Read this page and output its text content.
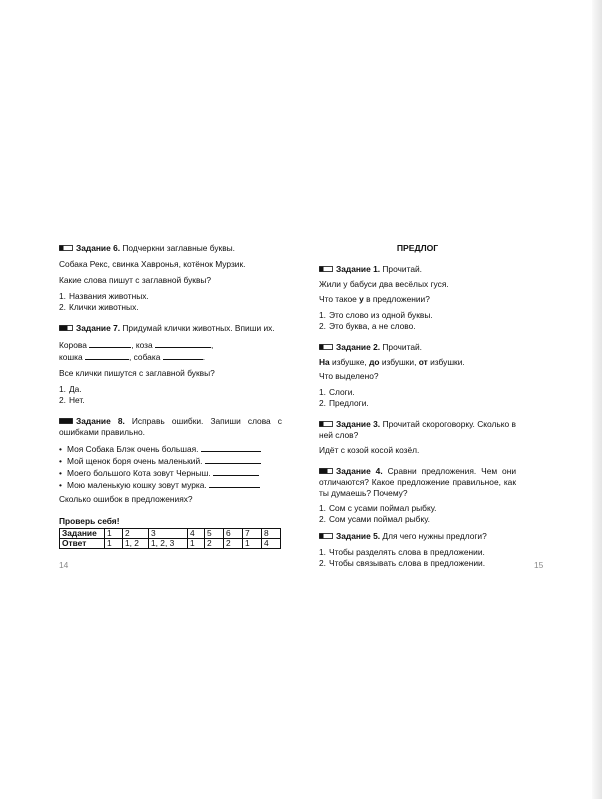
Задание 6. Подчеркни заглавные буквы.

Собака Рекс, свинка Хавронья, котёнок Мурзик.

Какие слова пишут с заглавной буквы?

1. Названия животных.

2. Клички животных.

Задание 7. Придумай клички животных. Впиши их.

Корова	, коза	,

кошка	, собака	.

Все клички пишутся с заглавной буквы?

1. Да.

2. Нет.

Задание 8. Исправь ошибки. Запиши слова с ошибками правильно.

• Моя Собака Блэк очень большая.

• Мой щенок боря очень маленький.

• Моего большого Кота зовут Черныш.

• Мою маленькую кошку зовут мурка.

Сколько ошибок в предложениях?

Проверь себя!

Задание	1	2	3	4	5	6	7	8
Ответ	1	1, 2	1, 2, 3	1	2	2	1	4
14

ПРЕДЛОГ

Задание 1. Прочитай.

Жили у бабуси два весёлых гуся.

Что такое у в предложении?

1. Это слово из одной буквы.

2. Это буква, а не слово.

Задание 2. Прочитай.

На избушке, до избушки, от избушки.

Что выделено?

1. Слоги.

2. Предлоги.

Задание 3. Прочитай скороговорку. Сколько в ней слов?

Идёт с козой косой козёл.

Задание 4. Сравни предложения. Чем они отличаются? Какое предложение правильное, как ты думаешь? Почему?

1. Сом с усами поймал рыбку.

2. Сом усами поймал рыбку.

Задание 5. Для чего нужны предлоги?

1. Чтобы разделять слова в предложении.

2. Чтобы связывать слова в предложении.	15
